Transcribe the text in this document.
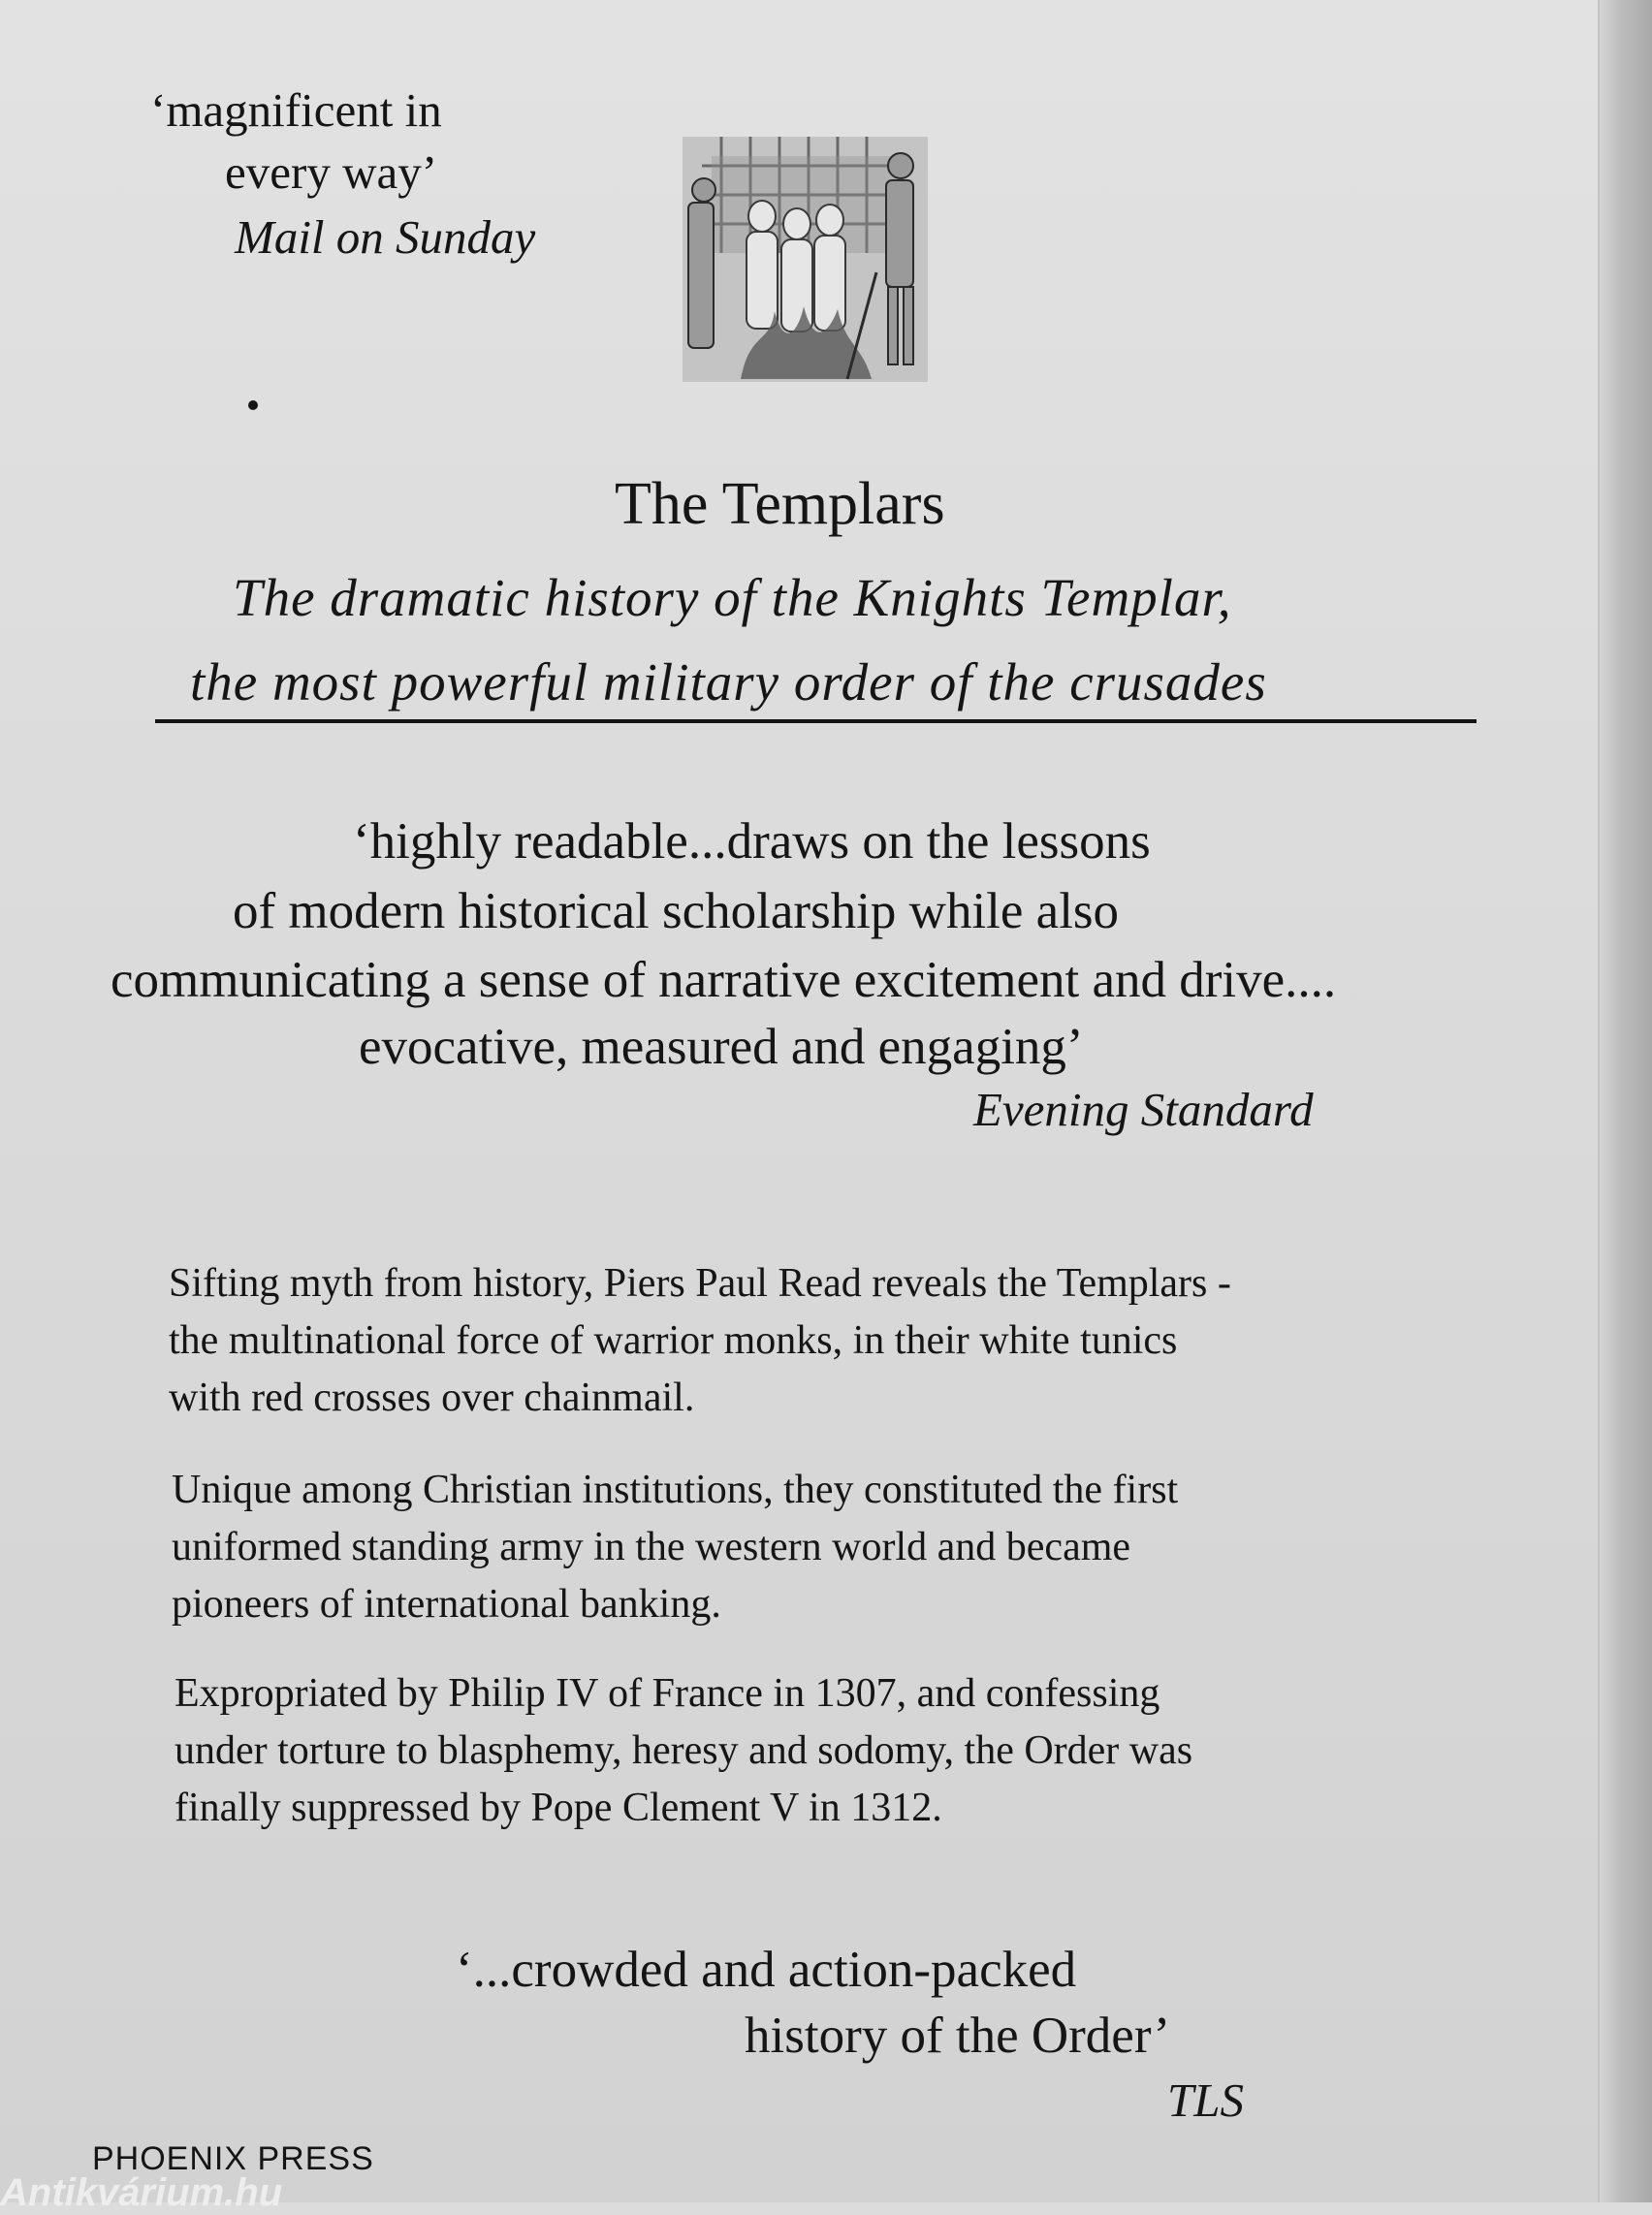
‘magnificent in
every way’
Mail on Sunday
The Templars
The dramatic history of the Knights Templar,
the most powerful military order of the crusades
‘highly readable...draws on the lessons
of modern historical scholarship while also
communicating a sense of narrative excitement and drive....
evocative, measured and engaging’
Evening Standard
Sifting myth from history, Piers Paul Read reveals the Templars -
the multinational force of warrior monks, in their white tunics
with red crosses over chainmail.
Unique among Christian institutions, they constituted the first
uniformed standing army in the western world and became
pioneers of international banking.
Expropriated by Philip IV of France in 1307, and confessing
under torture to blasphemy, heresy and sodomy, the Order was
finally suppressed by Pope Clement V in 1312.
‘...crowded and action-packed
history of the Order’
TLS
PHOENIX PRESS
Antikvárium.hu
